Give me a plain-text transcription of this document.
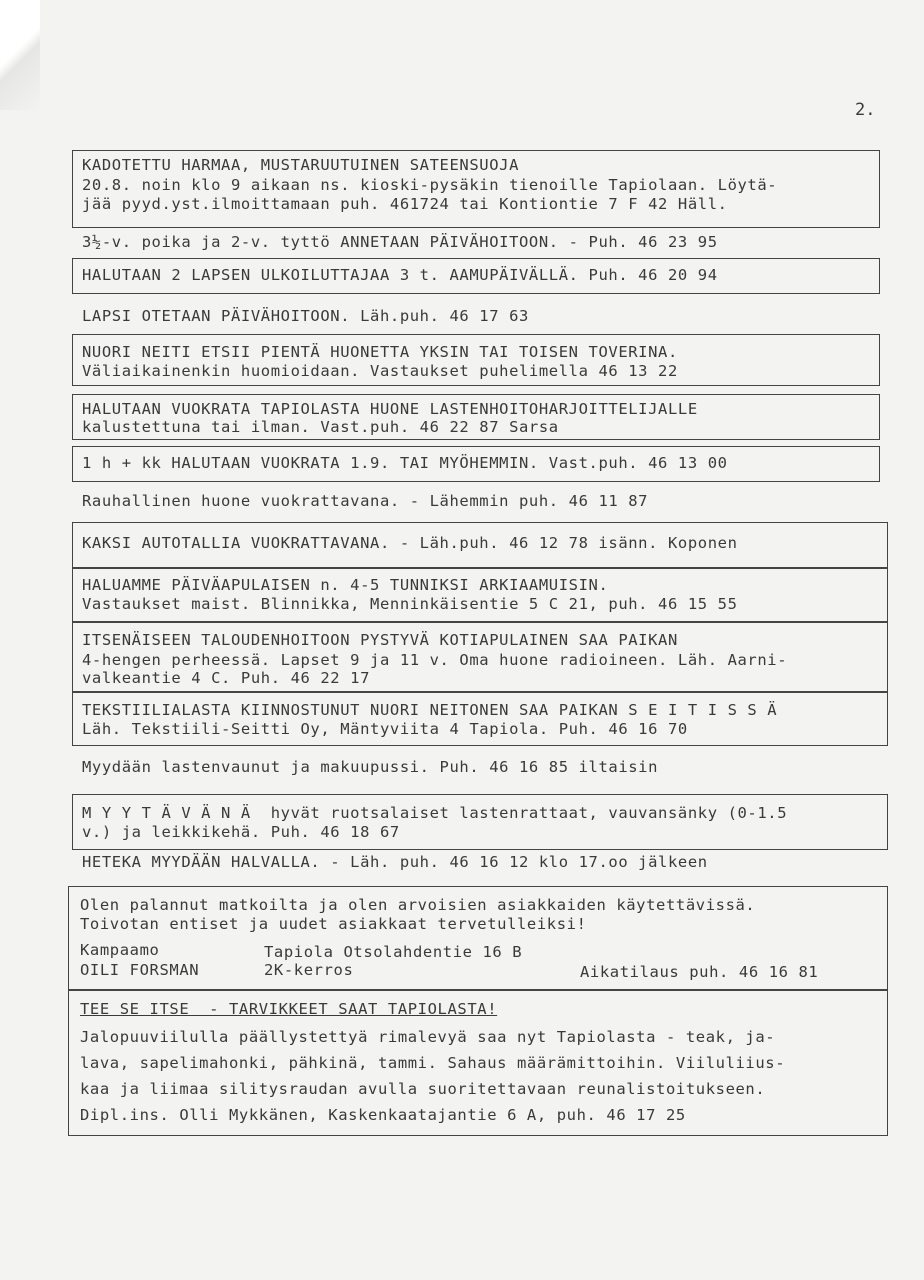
2.
KADOTETTU HARMAA, MUSTARUUTUINEN SATEENSUOJA
20.8. noin klo 9 aikaan ns. kioski-pysäkin tienoille Tapiolaan. Löytä-
jää pyyd.yst.ilmoittamaan puh. 461724 tai Kontiontie 7 F 42 Häll.
3½-v. poika ja 2-v. tyttö ANNETAAN PÄIVÄHOITOON. - Puh. 46 23 95
HALUTAAN 2 LAPSEN ULKOILUTTAJAA 3 t. AAMUPÄIVÄLLÄ. Puh. 46 20 94
LAPSI OTETAAN PÄIVÄHOITOON. Läh.puh. 46 17 63
NUORI NEITI ETSII PIENTÄ HUONETTA YKSIN TAI TOISEN TOVERINA.
Väliaikainenkin huomioidaan. Vastaukset puhelimella 46 13 22
HALUTAAN VUOKRATA TAPIOLASTA HUONE LASTENHOITOHARJOITTELIJALLE
kalustettuna tai ilman. Vast.puh. 46 22 87 Sarsa
1 h + kk HALUTAAN VUOKRATA 1.9. TAI MYÖHEMMIN. Vast.puh. 46 13 00
Rauhallinen huone vuokrattavana. - Lähemmin puh. 46 11 87
KAKSI AUTOTALLIA VUOKRATTAVANA. - Läh.puh. 46 12 78 isänn. Koponen
HALUAMME PÄIVÄAPULAISEN n. 4-5 TUNNIKSI ARKIAAMUISIN.
Vastaukset maist. Blinnikka, Menninkäisentie 5 C 21, puh. 46 15 55
ITSENÄISEEN TALOUDENHOITOON PYSTYVÄ KOTIAPULAINEN SAA PAIKAN
4-hengen perheessä. Lapset 9 ja 11 v. Oma huone radioineen. Läh. Aarni-
valkeantie 4 C. Puh. 46 22 17
TEKSTIILIALASTA KIINNOSTUNUT NUORI NEITONEN SAA PAIKAN S E I T I S S Ä
Läh. Tekstiili-Seitti Oy, Mäntyviita 4 Tapiola. Puh. 46 16 70
Myydään lastenvaunut ja makuupussi. Puh. 46 16 85 iltaisin
M Y Y T Ä V Ä N Ä  hyvät ruotsalaiset lastenrattaat, vauvansänky (0-1.5
v.) ja leikkikehä. Puh. 46 18 67
HETEKA MYYDÄÄN HALVALLA. - Läh. puh. 46 16 12 klo 17.oo jälkeen
Olen palannut matkoilta ja olen arvoisien asiakkaiden käytettävissä.
Toivotan entiset ja uudet asiakkaat tervetulleiksi!
Kampaamo
OILI FORSMAN
Tapiola Otsolahdentie 16 B
2K-kerros	Aikatilaus puh. 46 16 81
TEE SE ITSE  - TARVIKKEET SAAT TAPIOLASTA!
Jalopuuviilulla päällystettyä rimalevyä saa nyt Tapiolasta - teak, ja-
lava, sapelimahonki, pähkinä, tammi. Sahaus määrämittoihin. Viiluliius-
kaa ja liimaa silitysraudan avulla suoritettavaan reunalistoitukseen.
Dipl.ins. Olli Mykkänen, Kaskenkaatajantie 6 A, puh. 46 17 25
